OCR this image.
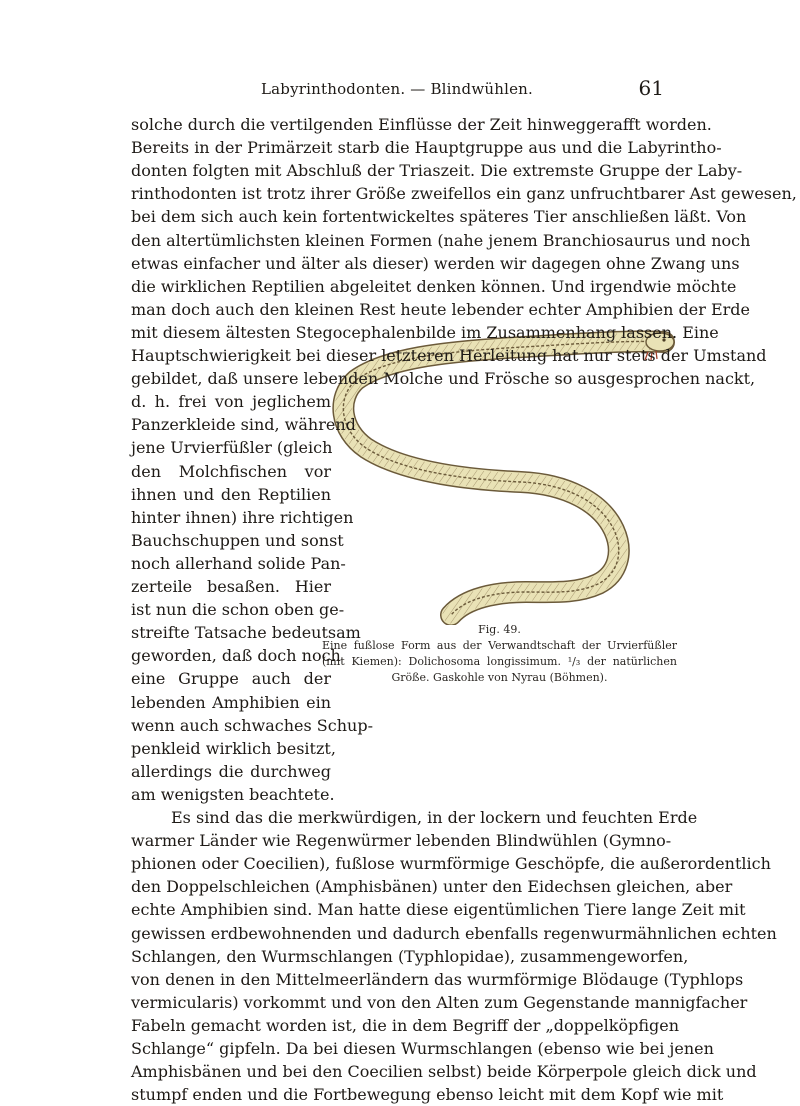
Labyrinthodonten. — Blindwühlen.	61
Fig. 49.
Eine fußlose Form aus der Verwandtschaft der Urvierfüßler (mit Kiemen): Dolichosoma longissimum. ¹/₃ der natürlichen Größe. Gaskohle von Nyrau (Böhmen).
solche durch die vertilgenden Einflüsse der Zeit hinweggerafft worden.
Bereits in der Primärzeit starb die Hauptgruppe aus und die Labyrintho-
donten folgten mit Abschluß der Triaszeit. Die extremste Gruppe der Laby-
rinthodonten ist trotz ihrer Größe zweifellos ein ganz unfruchtbarer Ast gewesen,
bei dem sich auch kein fortentwickeltes späteres Tier anschließen läßt. Von
den altertümlichsten kleinen Formen (nahe jenem Branchiosaurus und noch
etwas einfacher und älter als dieser) werden wir dagegen ohne Zwang uns
die wirklichen Reptilien abgeleitet denken können. Und irgendwie möchte
man doch auch den kleinen Rest heute lebender echter Amphibien der Erde
mit diesem ältesten Stegocephalenbilde im Zusammenhang lassen. Eine
Hauptschwierigkeit bei dieser letzteren Herleitung hat nur stets der Umstand
gebildet, daß unsere lebenden Molche und Frösche so ausgesprochen nackt,
d. h. frei von jeglichem
Panzerkleide sind, während
jene Urvierfüßler (gleich
den Molchfischen vor
ihnen und den Reptilien
hinter ihnen) ihre richtigen
Bauchschuppen und sonst
noch allerhand solide Pan-
zerteile besaßen. Hier
ist nun die schon oben ge-
streifte Tatsache bedeutsam
geworden, daß doch noch
eine Gruppe auch der
lebenden Amphibien ein
wenn auch schwaches Schup-
penkleid wirklich besitzt,
allerdings die durchweg
am wenigsten beachtete.
Es sind das die merkwürdigen, in der lockern und feuchten Erde
warmer Länder wie Regenwürmer lebenden Blindwühlen (Gymno-
phionen oder Coecilien), fußlose wurmförmige Geschöpfe, die außerordentlich
den Doppelschleichen (Amphisbänen) unter den Eidechsen gleichen, aber
echte Amphibien sind. Man hatte diese eigentümlichen Tiere lange Zeit mit
gewissen erdbewohnenden und dadurch ebenfalls regenwurmähnlichen echten
Schlangen, den Wurmschlangen (Typhlopidae), zusammengeworfen,
von denen in den Mittelmeerländern das wurmförmige Blödauge (Typhlops
vermicularis) vorkommt und von den Alten zum Gegenstande mannigfacher
Fabeln gemacht worden ist, die in dem Begriff der „doppelköpfigen
Schlange“ gipfeln. Da bei diesen Wurmschlangen (ebenso wie bei jenen
Amphisbänen und bei den Coecilien selbst) beide Körperpole gleich dick und
stumpf enden und die Fortbewegung ebenso leicht mit dem Kopf wie mit
